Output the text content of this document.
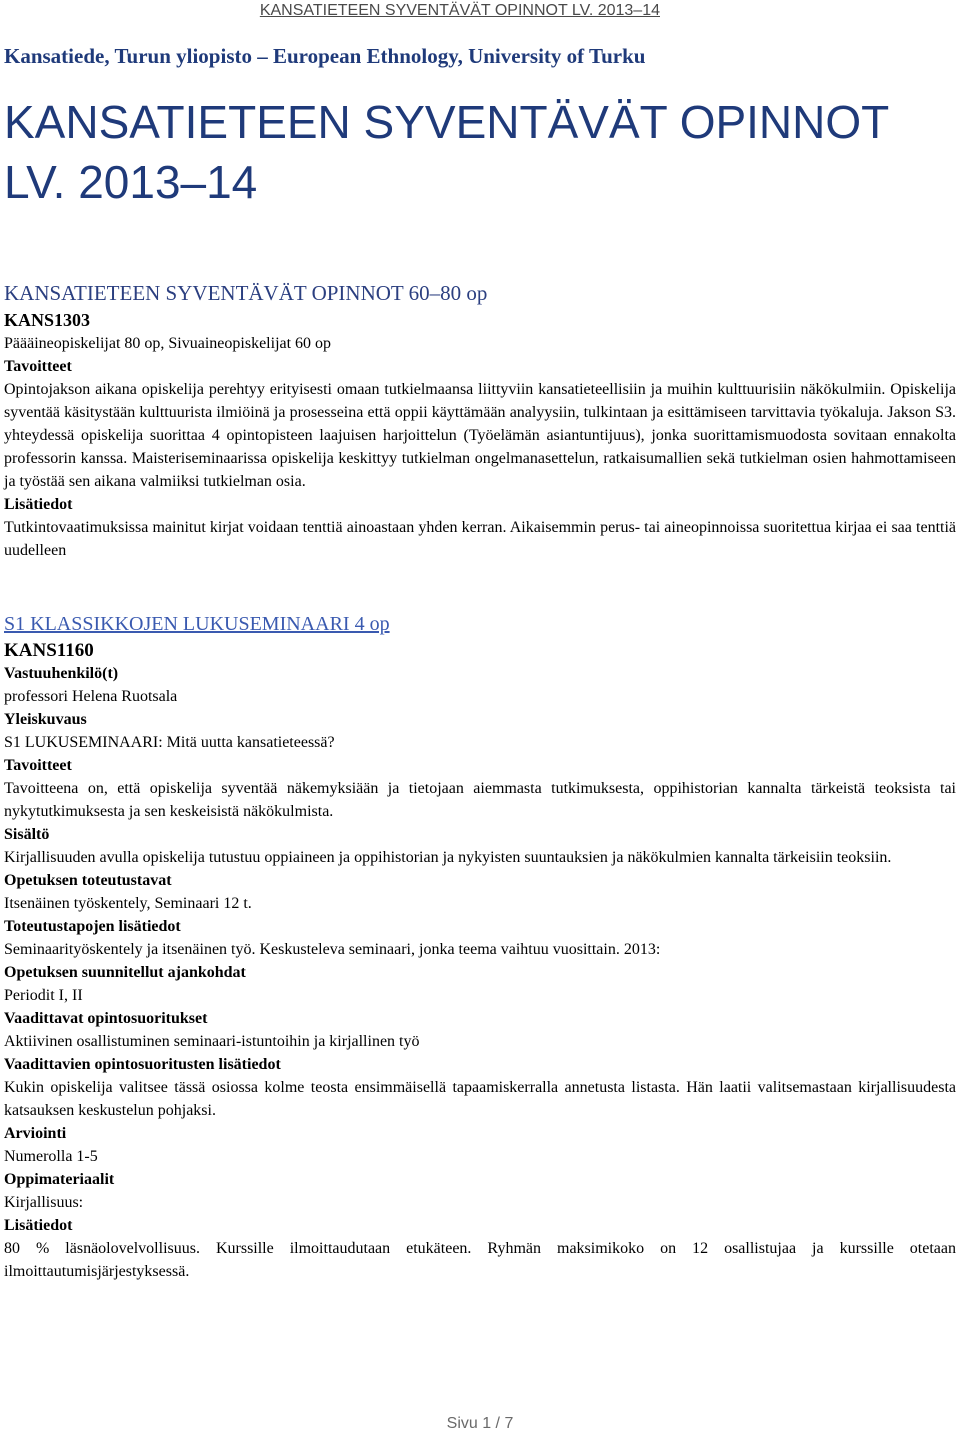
KANSATIETEEN SYVENTÄVÄT OPINNOT LV. 2013–14
Kansatiede, Turun yliopisto – European Ethnology, University of Turku
KANSATIETEEN SYVENTÄVÄT OPINNOT LV. 2013–14
KANSATIETEEN SYVENTÄVÄT OPINNOT 60–80 op
KANS1303

Päääineopiskelijat 80 op, Sivuaineopiskelijat 60 op

Tavoitteet

Opintojakson aikana opiskelija perehtyy erityisesti omaan tutkielmaansa liittyviin kansatieteellisiin ja muihin kulttuurisiin näkökulmiin. Opiskelija syventää käsitystään kulttuurista ilmiöinä ja prosesseina että oppii käyttämään analyysiin, tulkintaan ja esittämiseen tarvittavia työkaluja. Jakson S3. yhteydessä opiskelija suorittaa 4 opintopisteen laajuisen harjoittelun (Työelämän asiantuntijuus), jonka suorittamismuodosta sovitaan ennakolta professorin kanssa. Maisteriseminaarissa opiskelija keskittyy tutkielman ongelmanasettelun, ratkaisumallien sekä tutkielman osien hahmottamiseen ja työstää sen aikana valmiiksi tutkielman osia.

Lisätiedot

Tutkintovaatimuksissa mainitut kirjat voidaan tenttiä ainoastaan yhden kerran. Aikaisemmin perus- tai aineopinnoissa suoritettua kirjaa ei saa tenttiä uudelleen

S1 KLASSIKKOJEN LUKUSEMINAARI 4 op
KANS1160

Vastuuhenkilö(t)

professori Helena Ruotsala

Yleiskuvaus

S1 LUKUSEMINAARI: Mitä uutta kansatieteessä?

Tavoitteet

Tavoitteena on, että opiskelija syventää näkemyksiään ja tietojaan aiemmasta tutkimuksesta, oppihistorian kannalta tärkeistä teoksista tai nykytutkimuksesta ja sen keskeisistä näkökulmista.

Sisältö

Kirjallisuuden avulla opiskelija tutustuu oppiaineen ja oppihistorian ja nykyisten suuntauksien ja näkökulmien kannalta tärkeisiin teoksiin.

Opetuksen toteutustavat

Itsenäinen työskentely, Seminaari 12 t.

Toteutustapojen lisätiedot

Seminaarityöskentely ja itsenäinen työ. Keskusteleva seminaari, jonka teema vaihtuu vuosittain. 2013:

Opetuksen suunnitellut ajankohdat

Periodit I, II

Vaadittavat opintosuoritukset

Aktiivinen osallistuminen seminaari-istuntoihin ja kirjallinen työ

Vaadittavien opintosuoritusten lisätiedot

Kukin opiskelija valitsee tässä osiossa kolme teosta ensimmäisellä tapaamiskerralla annetusta listasta. Hän laatii valitsemastaan kirjallisuudesta katsauksen keskustelun pohjaksi.

Arviointi

Numerolla 1-5

Oppimateriaalit

Kirjallisuus:

Lisätiedot

80 % läsnäolovelvollisuus. Kurssille ilmoittaudutaan etukäteen. Ryhmän maksimikoko on 12 osallistujaa ja kurssille otetaan ilmoittautumisjärjestyksessä.

Sivu 1 / 7
